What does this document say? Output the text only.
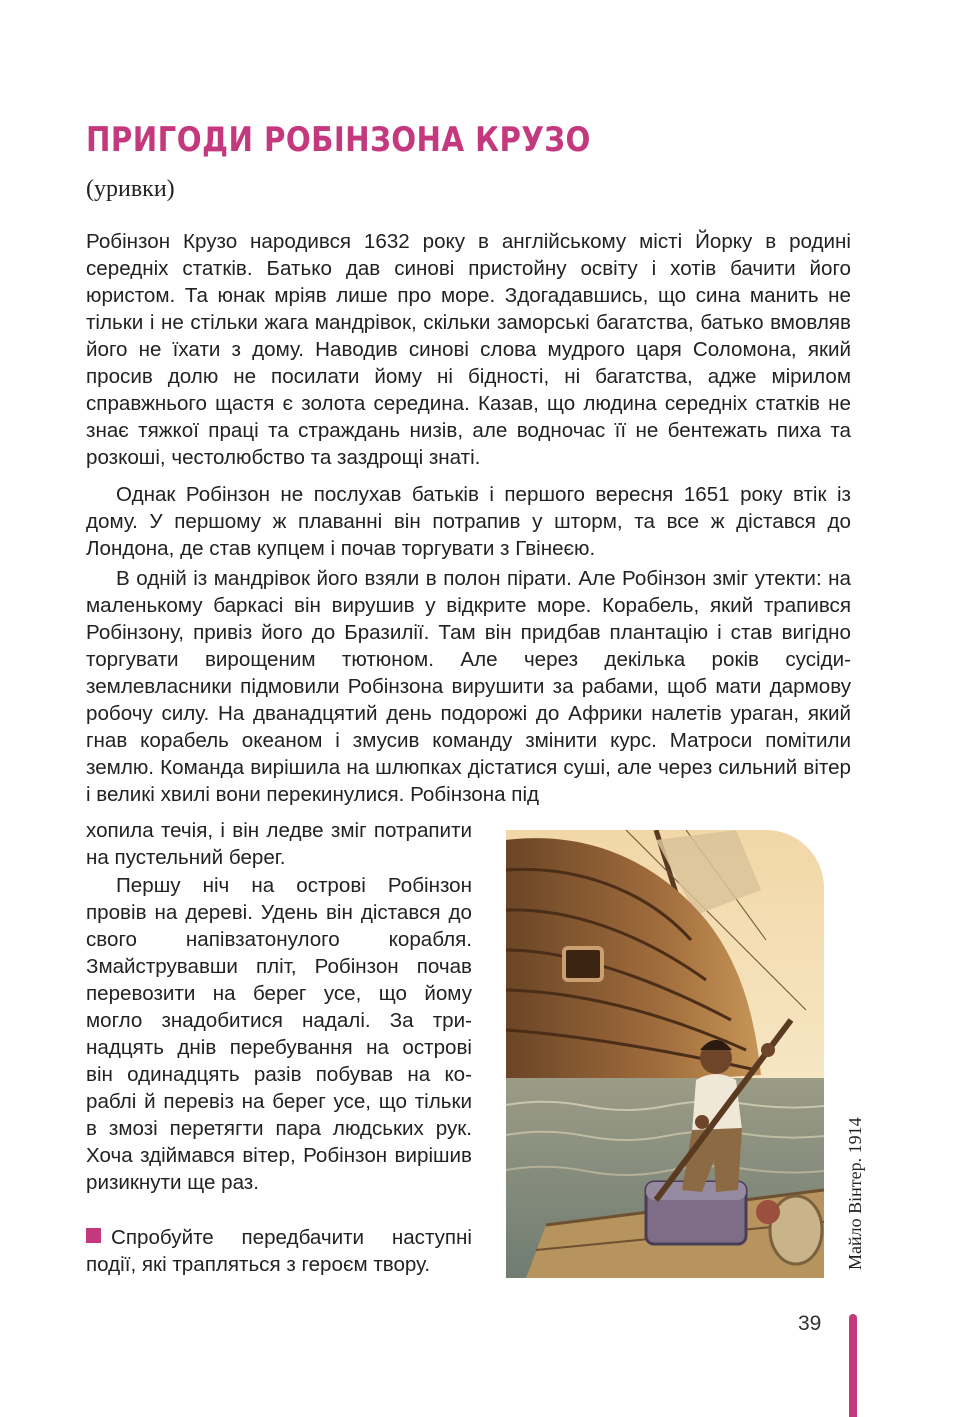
ПРИГОДИ РОБІНЗОНА КРУЗО

(уривки)

Робінзон Крузо народився 1632 року в англійському місті Йорку в родині середніх статків. Батько дав синові пристойну освіту і хотів бачити його юристом. Та юнак мріяв лише про море. Здогадавшись, що сина манить не тільки і не стільки жага мандрівок, скільки заморські багатства, батько вмовляв його не їхати з дому. Наводив синові слова мудрого царя Соломона, який просив долю не посилати йому ні бідності, ні багатства, адже мірилом справжнього щастя є золота середина. Казав, що людина середніх статків не знає тяжкої праці та страждань низів, але водночас її не бентежать пиха та розкоші, честолюбство та заздрощі знаті.

Однак Робінзон не послухав батьків і першого вересня 1651 року втік із дому. У першому ж плаванні він потрапив у шторм, та все ж дістався до Лондона, де став купцем і почав торгувати з Гвінеєю.

В одній із мандрівок його взяли в полон пірати. Але Робінзон зміг утекти: на маленькому баркасі він вирушив у відкрите море. Корабель, який трапився Робінзону, привіз його до Бразилії. Там він придбав плантацію і став вигідно торгувати вирощеним тютюном. Але через декілька років сусіди-землевласники підмовили Робінзона вирушити за рабами, щоб мати дармову робочу силу. На дванадцятий день подорожі до Африки налетів ураган, який гнав корабель океаном і змусив команду змінити курс. Матроси помітили землю. Команда вирішила на шлюпках дістатися суші, але через сильний вітер і великі хвилі вони перекинулися. Робінзона під

хопила течія, і він ледве зміг потрапити на пустельний берег.

Першу ніч на острові Робінзон провів на дереві. Удень він дістався до свого напівзатонулого корабля. Змайструвавши пліт, Робінзон почав перевозити на берег усе, що йому могло знадобитися надалі. За тринадцять днів перебування на острові він одинадцять разів побував на кораблі й перевіз на берег усе, що тільки в змозі перетягти пара людських рук. Хоча здіймався вітер, Робінзон вирішив ризикнути ще раз.

Спробуйте передбачити наступні події, які трапляться з героєм твору.	Майло Вінтер. 1914
39
